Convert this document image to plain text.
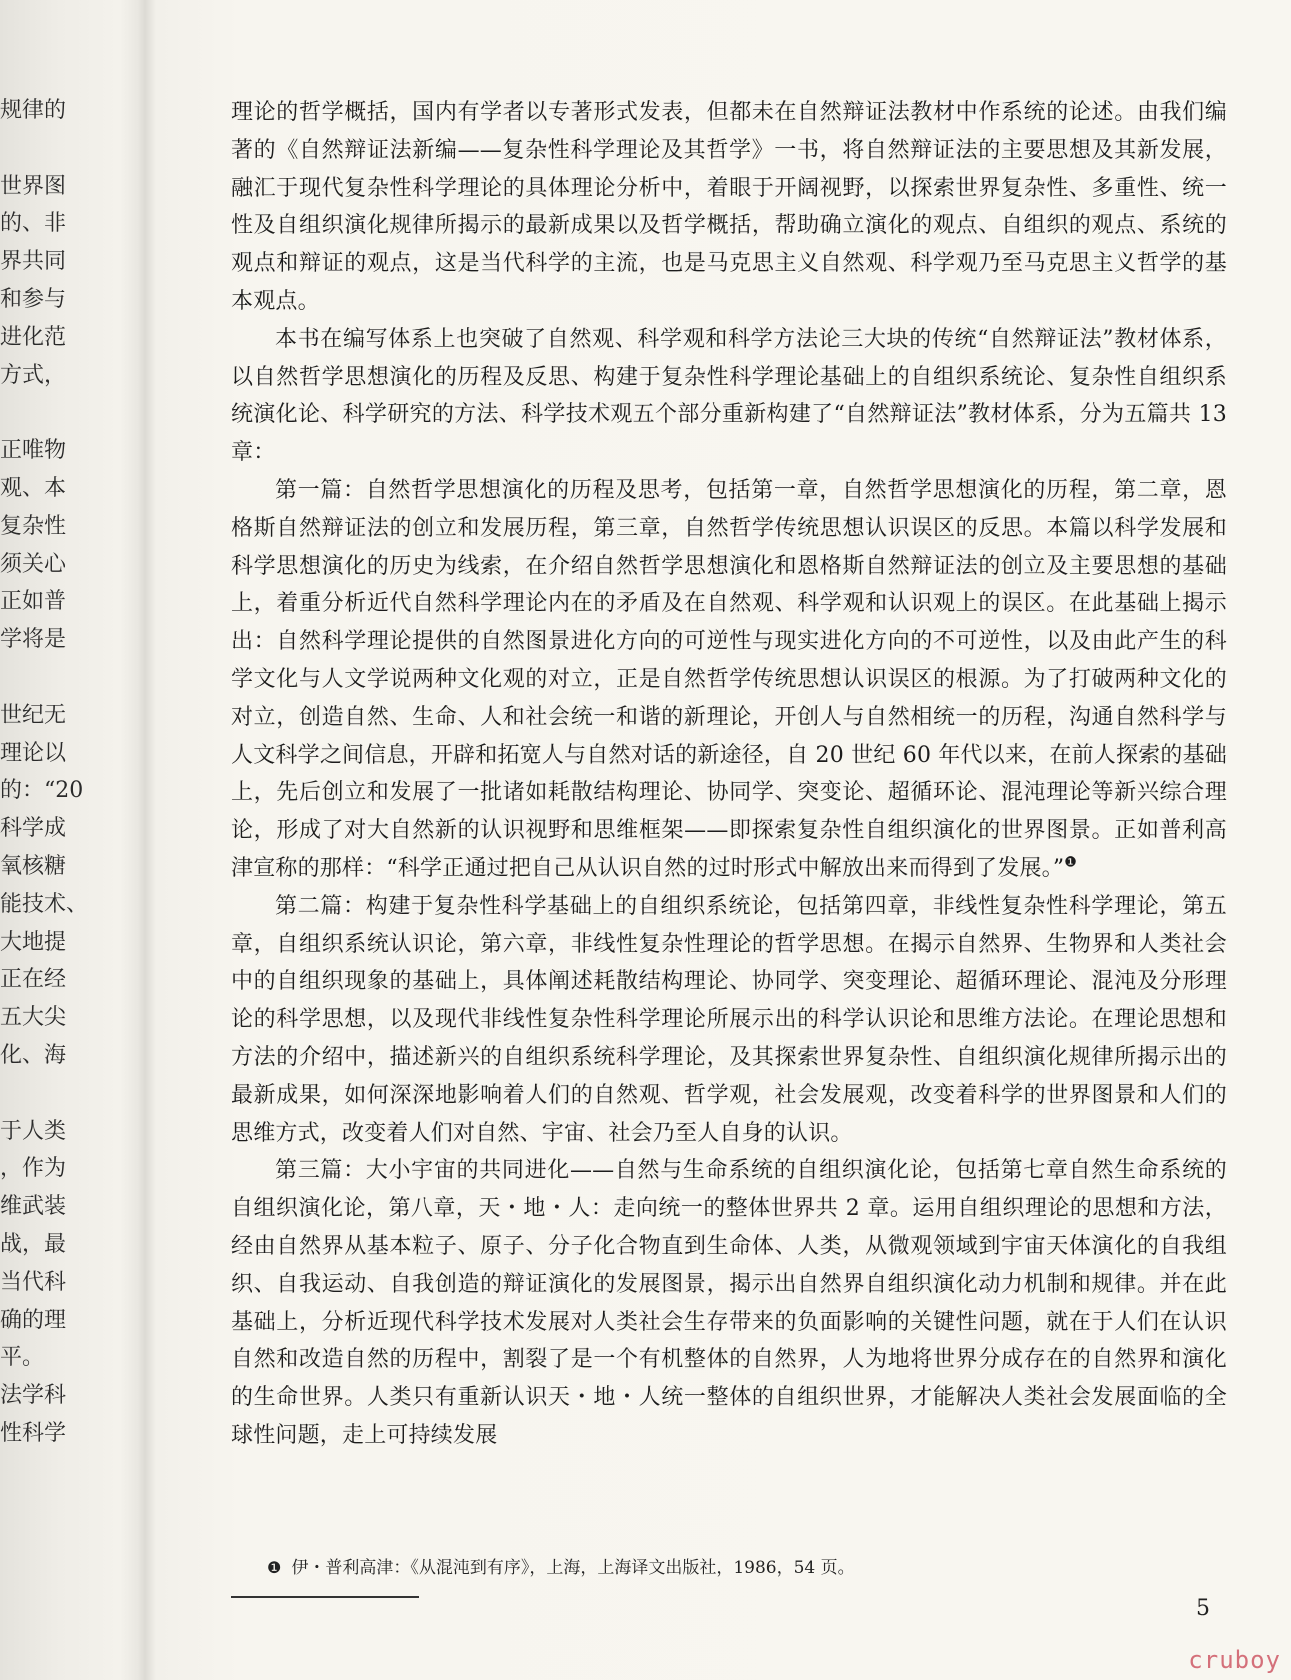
规律的
世界图
的、非
界共同
和参与
进化范
方式，
正唯物
观、本
复杂性
须关心
正如普
学将是
世纪无
理论以
的：“20
科学成
氧核糖
能技术、
大地提
正在经
五大尖
化、海
于人类
，作为
维武装
战，最
当代科
确的理
平。
法学科
性科学

理论的哲学概括，国内有学者以专著形式发表，但都未在自然辩证法教材中作系统的论述。由我们编著的《自然辩证法新编——复杂性科学理论及其哲学》一书，将自然辩证法的主要思想及其新发展，融汇于现代复杂性科学理论的具体理论分析中，着眼于开阔视野，以探索世界复杂性、多重性、统一性及自组织演化规律所揭示的最新成果以及哲学概括，帮助确立演化的观点、自组织的观点、系统的观点和辩证的观点，这是当代科学的主流，也是马克思主义自然观、科学观乃至马克思主义哲学的基本观点。

本书在编写体系上也突破了自然观、科学观和科学方法论三大块的传统“自然辩证法”教材体系，以自然哲学思想演化的历程及反思、构建于复杂性科学理论基础上的自组织系统论、复杂性自组织系统演化论、科学研究的方法、科学技术观五个部分重新构建了“自然辩证法”教材体系，分为五篇共 13 章：

第一篇：自然哲学思想演化的历程及思考，包括第一章，自然哲学思想演化的历程，第二章，恩格斯自然辩证法的创立和发展历程，第三章，自然哲学传统思想认识误区的反思。本篇以科学发展和科学思想演化的历史为线索，在介绍自然哲学思想演化和恩格斯自然辩证法的创立及主要思想的基础上，着重分析近代自然科学理论内在的矛盾及在自然观、科学观和认识观上的误区。在此基础上揭示出：自然科学理论提供的自然图景进化方向的可逆性与现实进化方向的不可逆性，以及由此产生的科学文化与人文学说两种文化观的对立，正是自然哲学传统思想认识误区的根源。为了打破两种文化的对立，创造自然、生命、人和社会统一和谐的新理论，开创人与自然相统一的历程，沟通自然科学与人文科学之间信息，开辟和拓宽人与自然对话的新途径，自 20 世纪 60 年代以来，在前人探索的基础上，先后创立和发展了一批诸如耗散结构理论、协同学、突变论、超循环论、混沌理论等新兴综合理论，形成了对大自然新的认识视野和思维框架——即探索复杂性自组织演化的世界图景。正如普利高津宣称的那样：“科学正通过把自己从认识自然的过时形式中解放出来而得到了发展。”$^❶$

第二篇：构建于复杂性科学基础上的自组织系统论，包括第四章，非线性复杂性科学理论，第五章，自组织系统认识论，第六章，非线性复杂性理论的哲学思想。在揭示自然界、生物界和人类社会中的自组织现象的基础上，具体阐述耗散结构理论、协同学、突变理论、超循环理论、混沌及分形理论的科学思想，以及现代非线性复杂性科学理论所展示出的科学认识论和思维方法论。在理论思想和方法的介绍中，描述新兴的自组织系统科学理论，及其探索世界复杂性、自组织演化规律所揭示出的最新成果，如何深深地影响着人们的自然观、哲学观，社会发展观，改变着科学的世界图景和人们的思维方式，改变着人们对自然、宇宙、社会乃至人自身的认识。

第三篇：大小宇宙的共同进化——自然与生命系统的自组织演化论，包括第七章自然生命系统的自组织演化论，第八章，天・地・人：走向统一的整体世界共 2 章。运用自组织理论的思想和方法，经由自然界从基本粒子、原子、分子化合物直到生命体、人类，从微观领域到宇宙天体演化的自我组织、自我运动、自我创造的辩证演化的发展图景，揭示出自然界自组织演化动力机制和规律。并在此基础上，分析近现代科学技术发展对人类社会生存带来的负面影响的关键性问题，就在于人们在认识自然和改造自然的历程中，割裂了是一个有机整体的自然界，人为地将世界分成存在的自然界和演化的生命世界。人类只有重新认识天・地・人统一整体的自组织世界，才能解决人类社会发展面临的全球性问题，走上可持续发展

❶ 伊・普利高津：《从混沌到有序》，上海，上海译文出版社，1986，54 页。
5
cruboy
